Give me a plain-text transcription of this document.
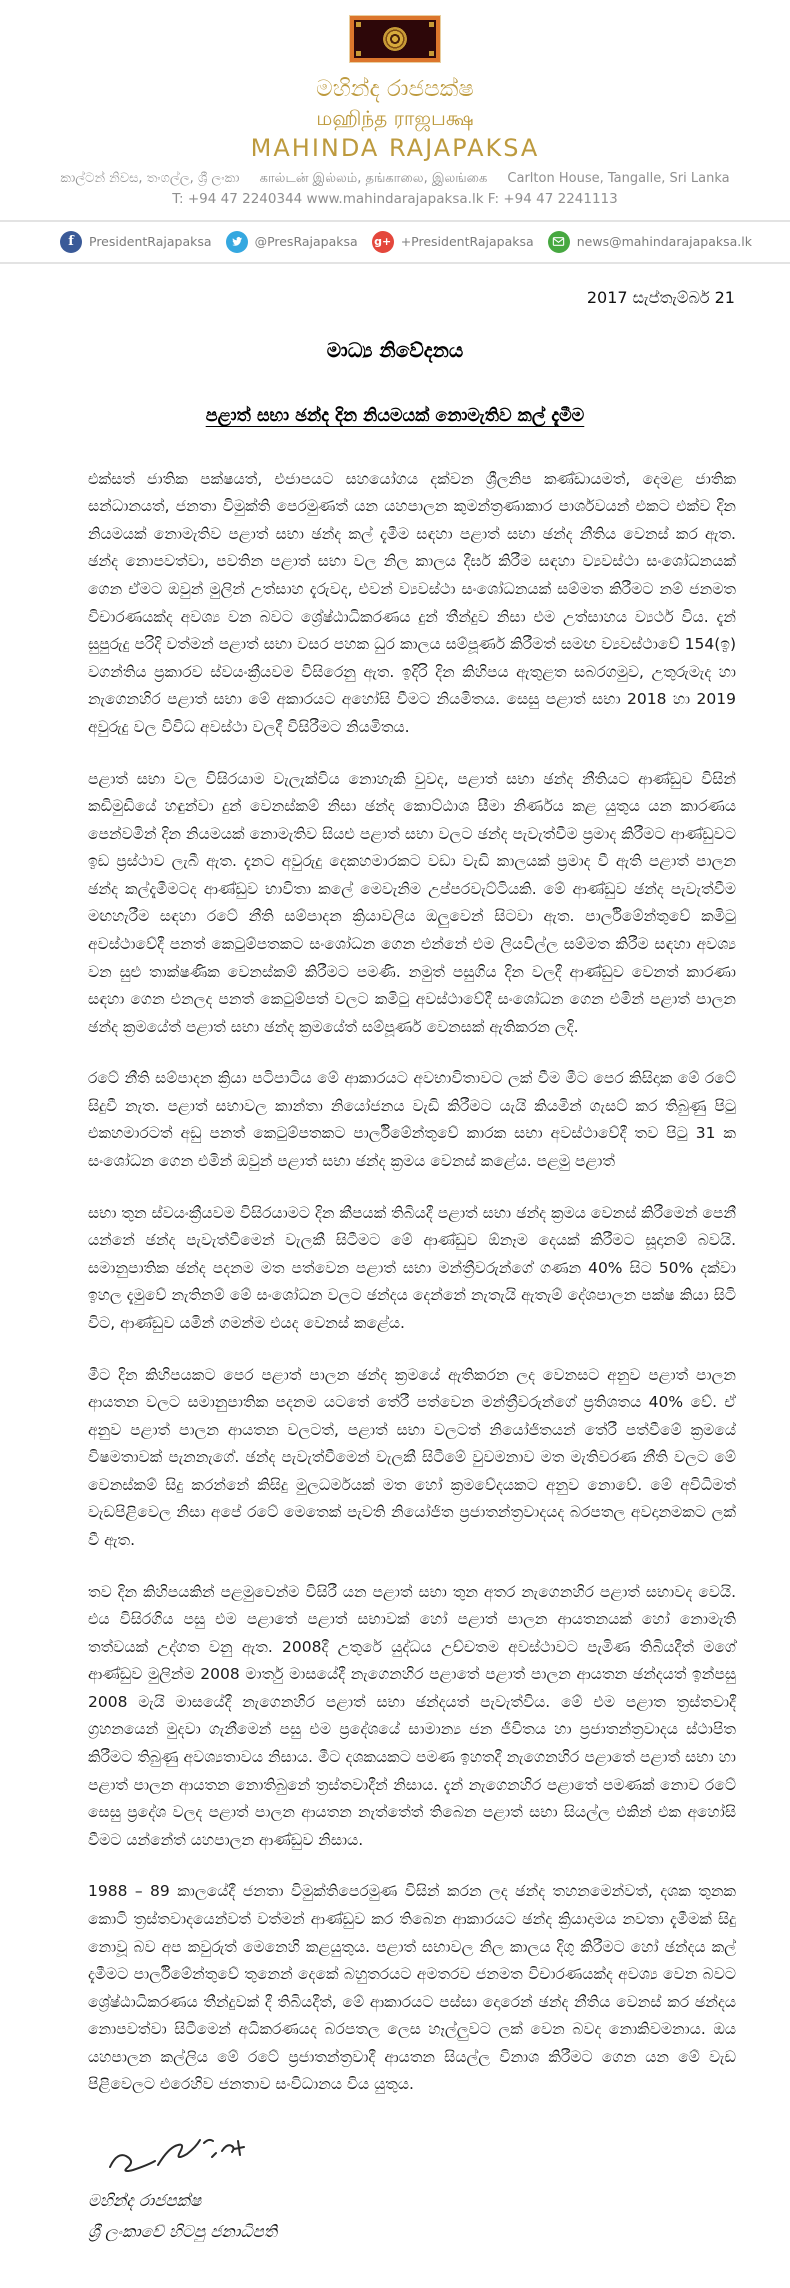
මහින්ද රාජපක්ෂ
மஹிந்த ராஜபக்ஷ
MAHINDA RAJAPAKSA
කාල්ටන් නිවස, තංගල්ල, ශ්‍රී ලංකා கால்டன் இல்லம், தங்காலை, இலங்கை Carlton House, Tangalle, Sri Lanka
T: +94 47 2240344 www.mahindarajapaksa.lk F: +94 47 2241113
f	PresidentRajapaksa	@PresRajapaksa g+ +PresidentRajapaksa	news@mahindarajapaksa.lk
2017 සැප්තැම්බර් 21
මාධ්‍ය නිවේදනය
පළාත් සභා ඡන්ද දින නියමයක් නොමැතිව කල් දැමීම

එක්සත් ජාතික පක්ෂයත්, එජාපයට සහයෝගය දක්වන ශ්‍රීලනිප කණ්ඩායමත්, දෙමළ ජාතික සන්ධානයත්, ජනතා විමුක්ති පෙරමුණත් යන යහපාලන කුමන්ත්‍රණාකාර පාර්ශවයන් එකට එක්ව දින නියමයක් නොමැතිව පළාත් සභා ඡන්ද කල් දැමීම සඳහා පළාත් සභා ඡන්ද නීතිය වෙනස් කර ඇත. ඡන්ද නොපවත්වා, පවතින පළාත් සභා වල නිල කාලය දීර්ඝ කිරීම සඳහා ව්‍යවස්ථා සංශෝධනයක් ගෙන ඒමට ඔවුන් මුලින් උත්සාහ දැරුවද, එවන් ව්‍යවස්ථා සංශෝධනයක් සම්මත කිරීමට නම් ජනමත විචාරණයක්ද අවශ්‍ය වන බවට ශ්‍රේෂ්ඨාධිකරණය දුන් තීන්දුව නිසා එම උත්සාහය ව්‍යර්ථ විය. දැන් සුපුරුදු පරිදි වත්මන් පළාත් සභා වසර පහක ධුර කාලය සම්පූර්ණ කිරීමත් සමඟ ව්‍යවස්ථාවේ 154(ඉ) වගන්තිය ප්‍රකාරව ස්වයංක්‍රීයවම විසිරෙනු ඇත. ඉදිරි දින කිහිපය ඇතුළත සබරගමුව, උතුරුමැද හා නැගෙනහිර පළාත් සභා මේ අකාරයට අහෝසි වීමට නියමිතය. සෙසු පළාත් සභා 2018 හා 2019 අවුරුදු වල විවිධ අවස්ථා වලදී විසිරීමට නියමිතය.

පළාත් සභා වල විසිරයාම වැලැක්විය නොහැකි වුවද, පළාත් සභා ඡන්ද නීතියට ආණ්ඩුව විසින් කඩිමුඩියේ හඳුන්වා දුන් වෙනස්කම් නිසා ඡන්ද කොට්ඨාශ සීමා නිර්ණය කළ යුතුය යන කාරණය පෙන්වමින් දින නියමයක් නොමැතිව සියළු පළාත් සභා වලට ඡන්ද පැවැත්වීම ප්‍රමාද කිරීමට ආණ්ඩුවට ඉඩ ප්‍රස්ථාව ලැබී ඇත. දැනට අවුරුදු දෙකහමාරකට වඩා වැඩි කාලයක් ප්‍රමාද වී ඇති පළාත් පාලන ඡන්ද කල්දැමීමටද ආණ්ඩුව භාවිතා කලේ මෙවැනිම උප්පරවැට්ටියකි. මේ ආණ්ඩුව ඡන්ද පැවැත්වීම මඟහැරීම සඳහා රටේ නීති සම්පාදන ක්‍රියාවලිය ඔලුවෙන් සිටවා ඇත. පාර්ලිමේන්තුවේ කමිටු අවස්ථාවේදී පනත් කෙටුම්පතකට සංශෝධන ගෙන එන්නේ එම ලියවිල්ල සම්මත කිරීම සඳහා අවශ්‍ය වන සුළු තාක්ෂණික වෙනස්කම් කිරීමට පමණි. නමුත් පසුගිය දින වලදී ආණ්ඩුව වෙනත් කාරණා සඳහා ගෙන එනලද පනත් කෙටුම්පත් වලට කමිටු අවස්ථාවේදී සංශෝධන ගෙන එමින් පළාත් පාලන ඡන්ද ක්‍රමයේත් පළාත් සභා ඡන්ද ක්‍රමයේත් සම්පූර්ණ වෙනසක් ඇතිකරන ලදි.

රටේ නීති සම්පාදන ක්‍රියා පටිපාටිය මේ ආකාරයට අවභාවිතාවට ලක් වීම මීට පෙර කිසිදාක මේ රටේ සිදුවී නැත. පළාත් සභාවල කාන්තා නියෝජනය වැඩි කිරීමට යැයි කියමින් ගැසට් කර තිබුණු පිටු එකහමාරටත් අඩු පනත් කෙටුම්පතකට පාර්ලිමේන්තුවේ කාරක සභා අවස්ථාවේදී තව පිටු 31 ක සංශෝධන ගෙන එමින් ඔවුන් පළාත් සභා ඡන්ද ක්‍රමය වෙනස් කළේය. පළමු පළාත්

සභා තුන ස්වයංක්‍රීයවම විසිරයාමට දින කීපයක් තිබියදී පළාත් සභා ඡන්ද ක්‍රමය වෙනස් කිරීමෙන් පෙනී යන්නේ ඡන්ද පැවැත්වීමෙන් වැලකී සිටීමට මේ ආණ්ඩුව ඕනෑම දෙයක් කිරීමට සූදානම් බවයි. සමානුපාතික ඡන්ද පදනම මත පත්වෙන පළාත් සභා මන්ත්‍රීවරුන්ගේ ගණන 40% සිට 50% දක්වා ඉහල දැමුවේ නැතිනම් මේ සංශෝධන වලට ඡන්දය දෙන්නේ නැතැයි ඇතැම් දේශපාලන පක්ෂ කියා සිටි විට, ආණ්ඩුව යමින් ගමන්ම එයද වෙනස් කළේය.

මීට දින කිහිපයකට පෙර පළාත් පාලන ඡන්ද ක්‍රමයේ ඇතිකරන ලද වෙනසට අනුව පළාත් පාලන ආයතන වලට සමානුපාතික පදනම යටතේ තේරී පත්වෙන මන්ත්‍රීවරුන්ගේ ප්‍රතිශතය 40% වේ. ඒ අනුව පළාත් පාලන ආයතන වලටත්, පළාත් සභා වලටත් නියෝජිතයන් තේරී පත්වීමේ ක්‍රමයේ විෂමතාවක් පැනනැගේ. ඡන්ද පැවැත්වීමෙන් වැලකී සිටීමේ වුවමනාව මත මැතිවරණ නීති වලට මේ වෙනස්කම් සිදු කරන්නේ කිසිදු මුලධර්මයක් මත හෝ ක්‍රමවේදයකට අනුව නොවේ. මේ අවිධිමත් වැඩපිළිවෙල නිසා අපේ රටේ මෙතෙක් පැවති නියෝජිත ප්‍රජාතන්ත්‍රවාදයද බරපතල අවදානමකට ලක් වී ඇත.

තව දින කිහිපයකින් පළමුවෙන්ම විසිරී යන පළාත් සභා තුන අතර නැගෙනහිර පළාත් සභාවද වෙයි. එය විසිරගිය පසු එම පළාතේ පළාත් සභාවක් හෝ පළාත් පාලන ආයතනයක් හෝ නොමැති තත්වයක් උද්ගත වනු ඇත. 2008දී උතුරේ යුද්ධය උච්චතම අවස්ථාවට පැමිණ තිබියදීත් මගේ ආණ්ඩුව මුලින්ම 2008 මාර්තු මාසයේදී නැගෙනහිර පළාතේ පළාත් පාලන ආයතන ඡන්දයත් ඉන්පසු 2008 මැයි මාසයේදී නැගෙනහිර පළාත් සභා ඡන්දයත් පැවැත්විය. මේ එම පළාත ත්‍රස්තවාදී ග්‍රහනයෙන් මුදවා ගැනීමෙන් පසු එම ප්‍රදේශයේ සාමාන්‍ය ජන ජීවිතය හා ප්‍රජාතන්ත්‍රවාදය ස්ථාපිත කිරීමට තිබුණු අවශ්‍යතාවය නිසාය. මීට දශකයකට පමණ ඉහතදී නැගෙනහිර පළාතේ පළාත් සභා හා පළාත් පාලන ආයතන නොතිබුනේ ත්‍රස්තවාදීන් නිසාය. දැන් නැගෙනහිර පළාතේ පමණක් නොව රටේ සෙසු ප්‍රදේශ වලද පළාත් පාලන ආයතන නැත්තේත් තිබෙන පළාත් සභා සියල්ල එකින් එක අහෝසි වීමට යන්නේත් යහපාලන ආණ්ඩුව නිසාය.

1988 – 89 කාලයේදී ජනතා විමුක්තිපෙරමුණ විසින් කරන ලද ඡන්ද තහනමෙන්වත්, දශක තුනක කොටි ත්‍රස්තවාදයෙන්වත් වත්මන් ආණ්ඩුව කර තිබෙන ආකාරයට ඡන්ද ක්‍රියාදාමය නවතා දැමීමක් සිදු නොවූ බව අප කවුරුත් මෙනෙහි කළයුතුය. පළාත් සභාවල නිල කාලය දිගු කිරීමට හෝ ඡන්දය කල් දැමීමට පාර්ලිමේන්තුවේ තුනෙන් දෙකේ බහුතරයට අමතරව ජනමත විචාරණයක්ද අවශ්‍ය වෙන බවට ශ්‍රේෂ්ඨාධිකරණය තීන්දුවක් දී තිබියදීත්, මේ ආකාරයට පස්සා දොරෙන් ඡන්ද නීතිය වෙනස් කර ඡන්දය නොපවත්වා සිටීමෙන් අධිකරණයද බරපතල ලෙස හෑල්ලුවට ලක් වෙන බවද නොකිවමනාය. ඔය යහපාලන කල්ලිය මේ රටේ ප්‍රජාතන්ත්‍රවාදී ආයතන සියල්ල විනාශ කිරීමට ගෙන යන මේ වැඩ පිළිවෙලට එරෙහිව ජනතාව සංවිධානය විය යුතුය.

මහින්ද රාජපක්ෂ
ශ්‍රී ලංකාවේ හිටපු ජනාධිපති
